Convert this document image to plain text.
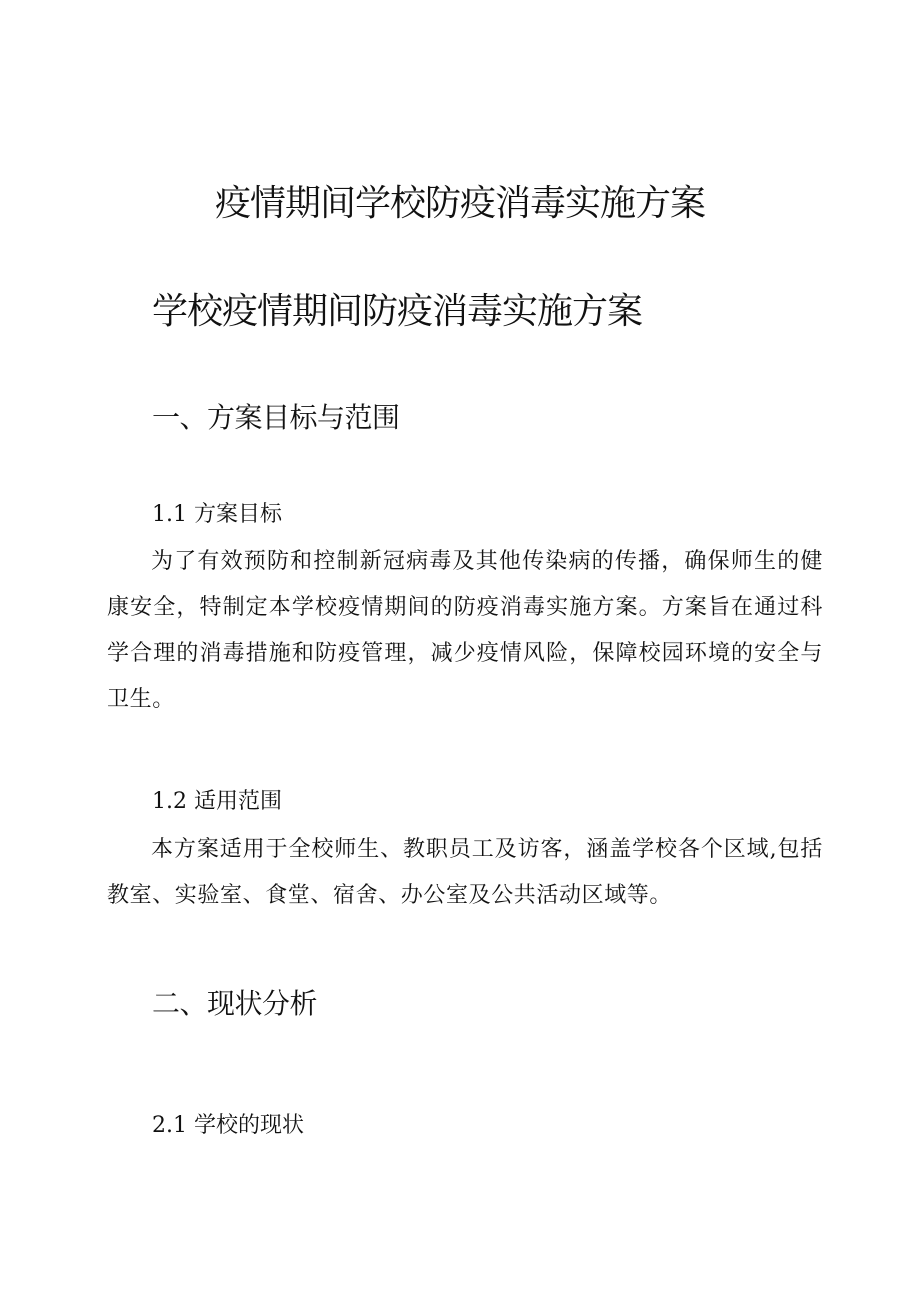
疫情期间学校防疫消毒实施方案
学校疫情期间防疫消毒实施方案
一、方案目标与范围
1.1 方案目标
为了有效预防和控制新冠病毒及其他传染病的传播，确保师生的健康安全，特制定本学校疫情期间的防疫消毒实施方案。方案旨在通过科学合理的消毒措施和防疫管理，减少疫情风险，保障校园环境的安全与卫生。
1.2 适用范围
本方案适用于全校师生、教职员工及访客，涵盖学校各个区域,包括教室、实验室、食堂、宿舍、办公室及公共活动区域等。
二、现状分析
2.1 学校的现状
